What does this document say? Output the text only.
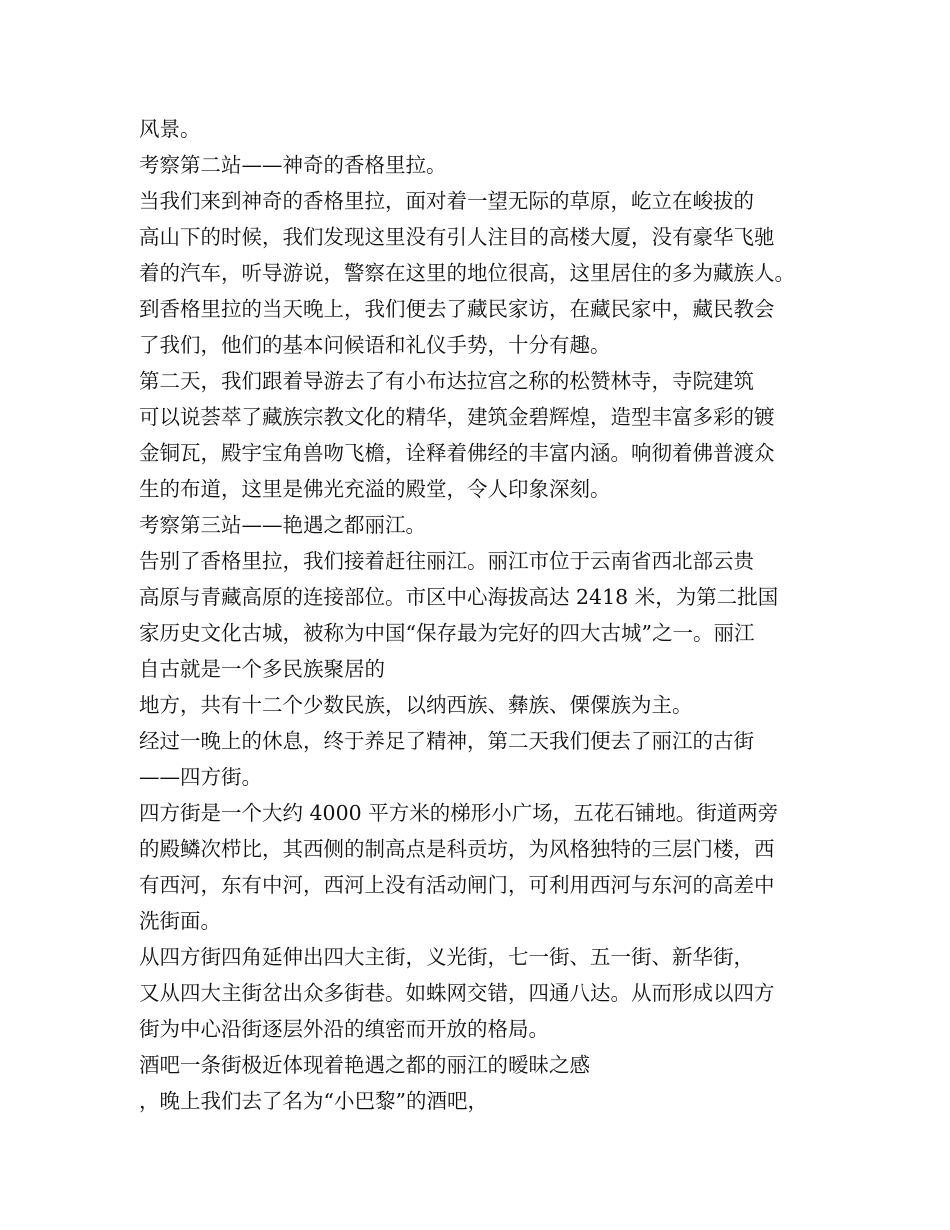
风景。

考察第二站——神奇的香格里拉。

当我们来到神奇的香格里拉，面对着一望无际的草原，屹立在峻拔的

高山下的时候，我们发现这里没有引人注目的高楼大厦，没有豪华飞驰

着的汽车，听导游说，警察在这里的地位很高，这里居住的多为藏族人。

到香格里拉的当天晚上，我们便去了藏民家访，在藏民家中，藏民教会

了我们，他们的基本问候语和礼仪手势，十分有趣。

第二天，我们跟着导游去了有小布达拉宫之称的松赞林寺，寺院建筑

可以说荟萃了藏族宗教文化的精华，建筑金碧辉煌，造型丰富多彩的镀

金铜瓦，殿宇宝角兽吻飞檐，诠释着佛经的丰富内涵。响彻着佛普渡众

生的布道，这里是佛光充溢的殿堂，令人印象深刻。

考察第三站——艳遇之都丽江。

告别了香格里拉，我们接着赶往丽江。丽江市位于云南省西北部云贵

高原与青藏高原的连接部位。市区中心海拔高达 2418 米，为第二批国

家历史文化古城，被称为中国“保存最为完好的四大古城”之一。丽江

自古就是一个多民族聚居的

地方，共有十二个少数民族，以纳西族、彝族、傈僳族为主。

经过一晚上的休息，终于养足了精神，第二天我们便去了丽江的古街

——四方街。

四方街是一个大约 4000 平方米的梯形小广场，五花石铺地。街道两旁

的殿鳞次栉比，其西侧的制高点是科贡坊，为风格独特的三层门楼，西

有西河，东有中河，西河上没有活动闸门，可利用西河与东河的高差中

洗街面。

从四方街四角延伸出四大主街，义光街，七一街、五一街、新华街，

又从四大主街岔出众多街巷。如蛛网交错，四通八达。从而形成以四方

街为中心沿街逐层外沿的缜密而开放的格局。

酒吧一条街极近体现着艳遇之都的丽江的暧昧之感

，晚上我们去了名为“小巴黎”的酒吧，
